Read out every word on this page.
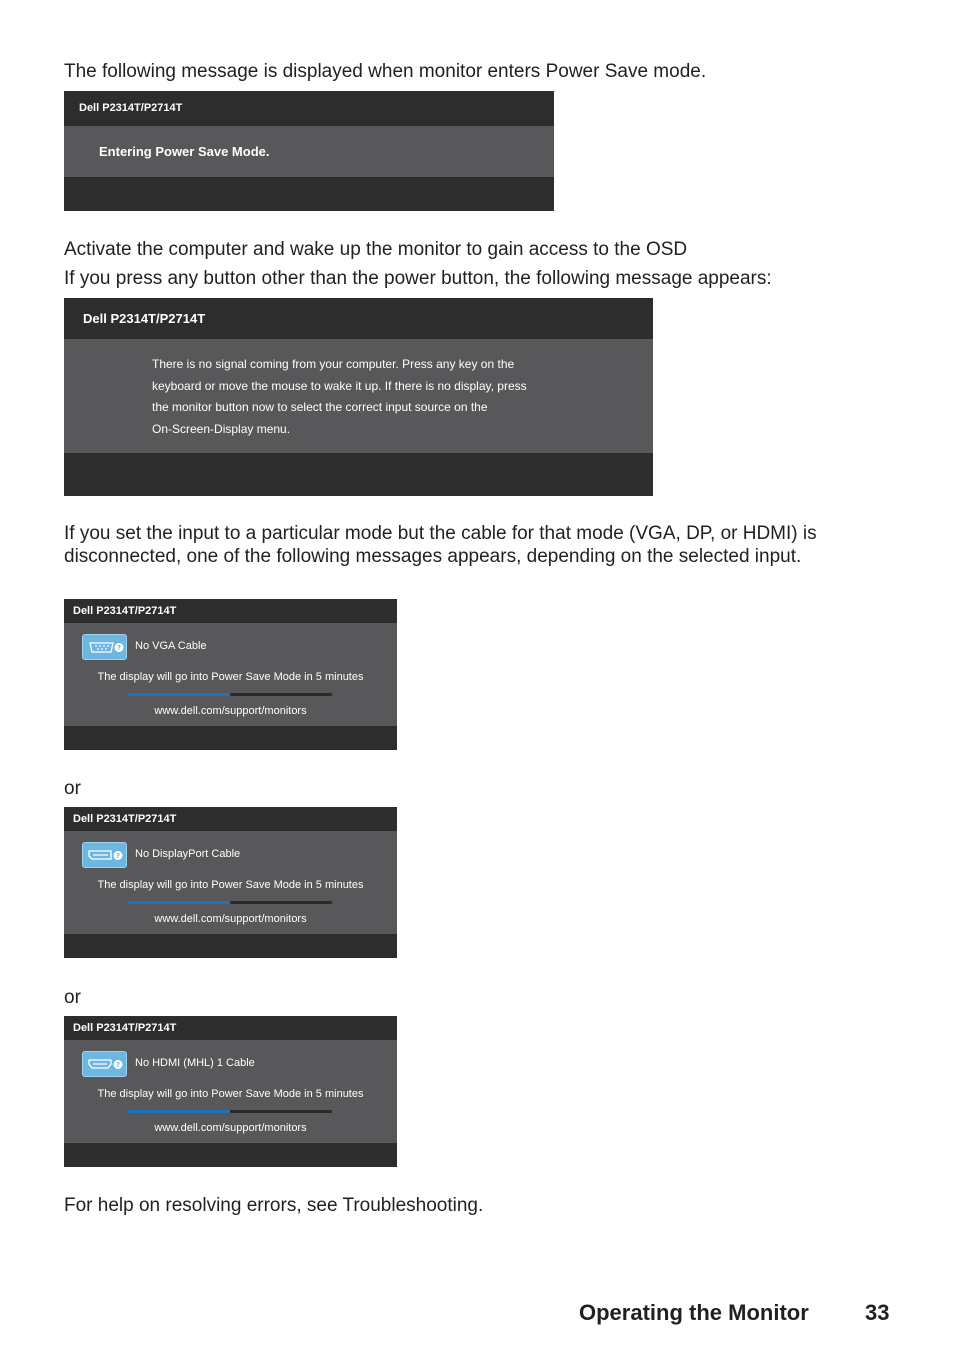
The following message is displayed when monitor enters Power Save mode.

Dell P2314T/P2714T
Entering Power Save Mode.

Activate the computer and wake up the monitor to gain access to the OSD

If you press any button other than the power button, the following message appears:

Dell P2314T/P2714T
There is no signal coming from your computer. Press any key on the
keyboard or move the mouse to wake it up. If there is no display, press
the monitor button now to select the correct input source on the
On-Screen-Display menu.

If you set the input to a particular mode but the cable for that mode (VGA, DP, or HDMI) is disconnected, one of the following messages appears, depending on the selected input.

Dell P2314T/P2714T
? No VGA Cable
The display will go into Power Save Mode in 5 minutes
www.dell.com/support/monitors

or

Dell P2314T/P2714T
? No DisplayPort Cable
The display will go into Power Save Mode in 5 minutes
www.dell.com/support/monitors

or

Dell P2314T/P2714T
? No HDMI (MHL) 1 Cable
The display will go into Power Save Mode in 5 minutes
www.dell.com/support/monitors

For help on resolving errors, see Troubleshooting.

Operating the Monitor	33
